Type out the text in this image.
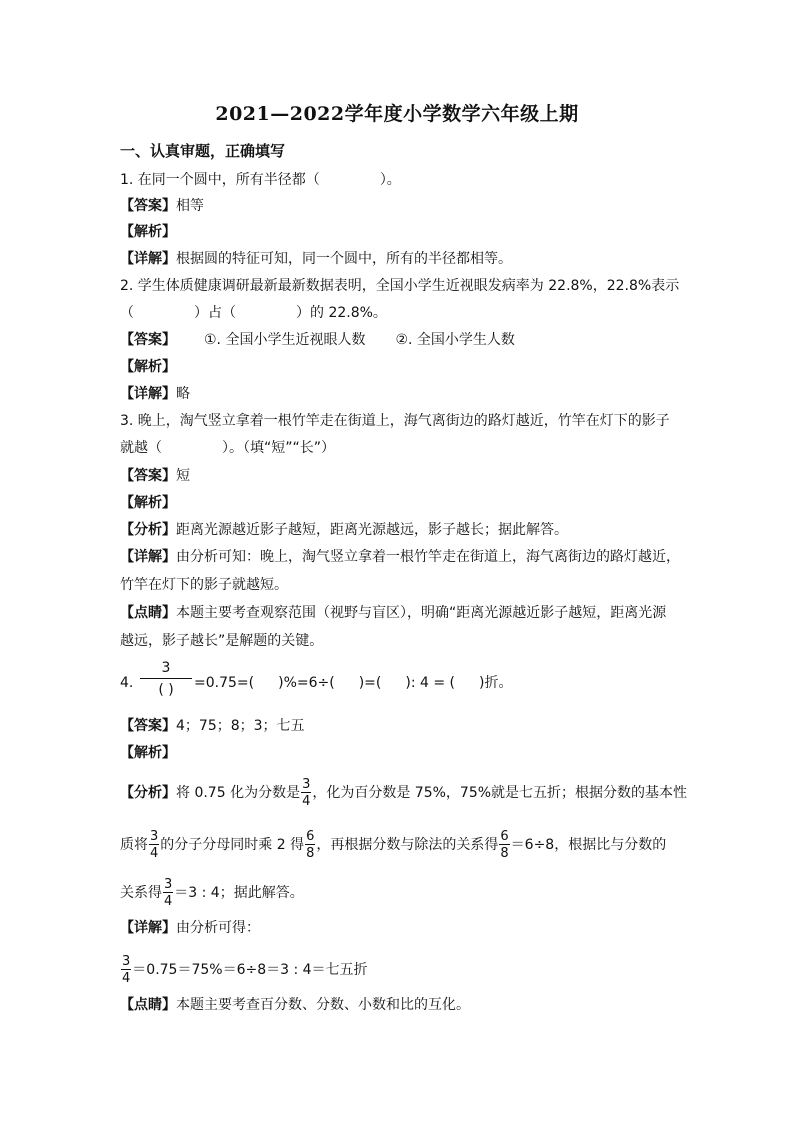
2021—2022学年度小学数学六年级上期
一、认真审题，正确填写
1. 在同一个圆中，所有半径都（	）。
【答案】相等
【解析】
【详解】根据圆的特征可知，同一个圆中，所有的半径都相等。
2. 学生体质健康调研最新最新数据表明，全国小学生近视眼发病率为 22.8%，22.8%表示
（	）占（	）的 22.8%。
【答案】 ①. 全国小学生近视眼人数 ②. 全国小学生人数
【解析】
【详解】略
3. 晚上，淘气竖立拿着一根竹竿走在街道上，海气离街边的路灯越近，竹竿在灯下的影子
就越（	）。（填“短”“长”）
【答案】短
【解析】
【分析】距离光源越近影子越短，距离光源越远，影子越长；据此解答。
【详解】由分析可知：晚上，淘气竖立拿着一根竹竿走在街道上，海气离街边的路灯越近，
竹竿在灯下的影子就越短。
【点睛】本题主要考查观察范围（视野与盲区），明确“距离光源越近影子越短，距离光源
越远，影子越长”是解题的关键。
4.
3
( )	=0.75=( )%=6÷( )=( ): 4 = ( )折。
【答案】4；75；8；3；七五
【解析】
【分析】将 0.75 化为分数是 $\frac{3}{4}$ ，化为百分数是 75%，75%就是七五折；根据分数的基本性
质将 $\frac{3}{4}$ 的分子分母同时乘 2 得 $\frac{6}{8}$ ，再根据分数与除法的关系得 $\frac{6}{8} =6\div 8$，根据比与分数的
关系得 $\frac{3}{4} =3$ : 4；据此解答。
【详解】由分析可得：
$\frac{3}{4} =0.75=75\%=6\div 8=3$ : 4＝七五折
【点睛】本题主要考查百分数、分数、小数和比的互化。
